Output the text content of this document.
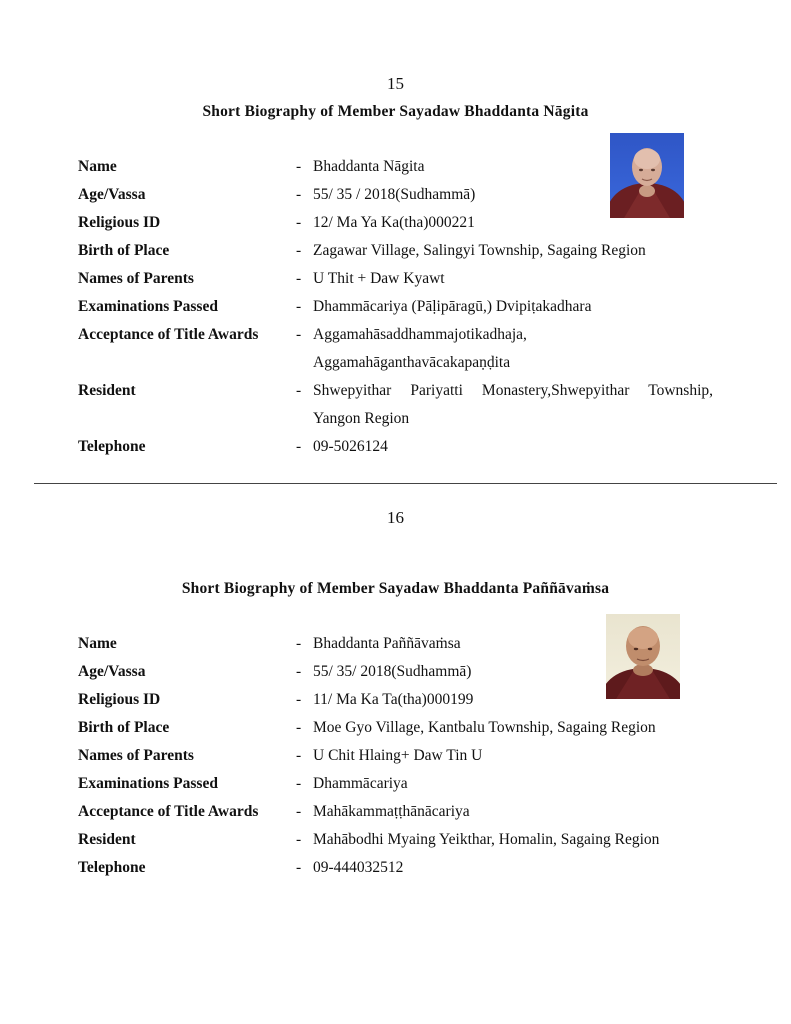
15
Short Biography of Member Sayadaw Bhaddanta Nāgita
Name	- Bhaddanta Nāgita
Age/Vassa	- 55/ 35 / 2018(Sudhammā)
Religious ID	- 12/ Ma Ya Ka(tha)000221
Birth of Place	- Zagawar Village, Salingyi Township, Sagaing Region
Names of Parents	- U Thit + Daw Kyawt
Examinations Passed	- Dhammācariya (Pāḷipāragū,) Dvipiṭakadhara
Acceptance of Title Awards - Aggamahāsaddhammajotikadhaja,
Aggamahāganthavācakapaṇḍita
Resident	- Shwepyithar Pariyatti Monastery,Shwepyithar Township,
Yangon Region
Telephone	- 09-5026124
16
Short Biography of Member Sayadaw Bhaddanta Paññāvaṁsa
Name	- Bhaddanta Paññāvaṁsa
Age/Vassa	- 55/ 35/ 2018(Sudhammā)
Religious ID	- 11/ Ma Ka Ta(tha)000199
Birth of Place	- Moe Gyo Village, Kantbalu Township, Sagaing Region
Names of Parents	- U Chit Hlaing+ Daw Tin U
Examinations Passed	- Dhammācariya
Acceptance of Title Awards - Mahākammaṭṭhānācariya
Resident	- Mahābodhi Myaing Yeikthar, Homalin, Sagaing Region
Telephone	- 09-444032512
